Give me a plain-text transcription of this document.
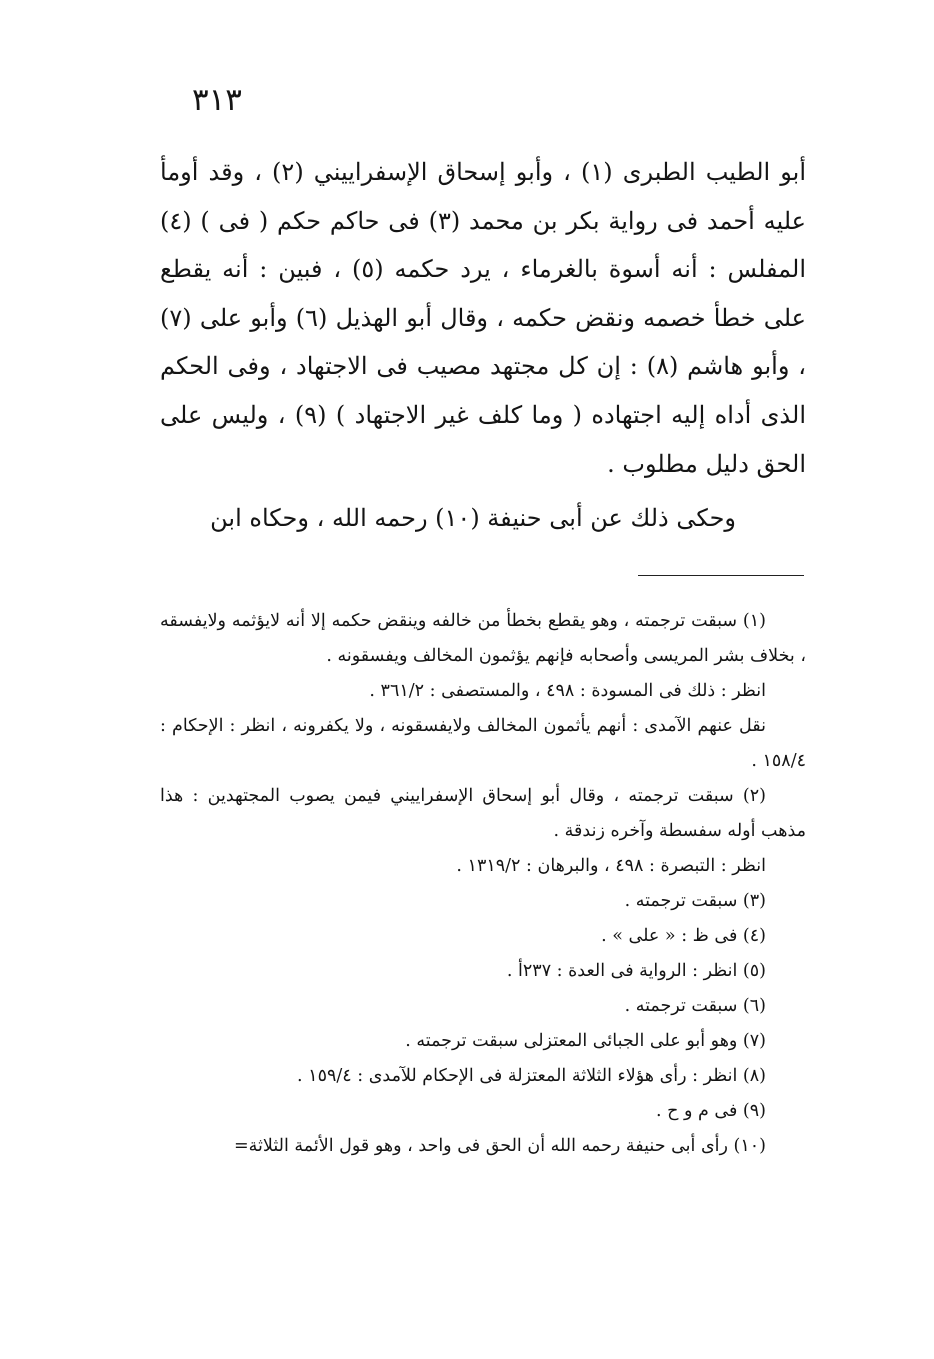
٣١٣

أبو الطيب الطبرى (١) ، وأبو إسحاق الإسفراييني (٢) ، وقد أومأ عليه أحمد فى رواية بكر بن محمد (٣) فى حاكم حكم ( فى ) (٤) المفلس : أنه أسوة بالغرماء ، يرد حكمه (٥) ، فبين : أنه يقطع على خطأ خصمه ونقض حكمه ، وقال أبو الهذيل (٦) وأبو على (٧) ، وأبو هاشم (٨) : إن كل مجتهد مصيب فى الاجتهاد ، وفى الحكم الذى أداه إليه اجتهاده ( وما كلف غير الاجتهاد ) (٩) ، وليس على الحق دليل مطلوب .

وحكى ذلك عن أبى حنيفة (١٠) رحمه الله ، وحكاه ابن

(١) سبقت ترجمته ، وهو يقطع بخطأ من خالفه وينقض حكمه إلا أنه لايؤثمه ولايفسقه ، بخلاف بشر المريسى وأصحابه فإنهم يؤثمون المخالف ويفسقونه .

انظر : ذلك فى المسودة : ٤٩٨ ، والمستصفى : ٣٦١/٢ .

نقل عنهم الآمدى : أنهم يأثمون المخالف ولايفسقونه ، ولا يكفرونه ، انظر : الإحكام : ١٥٨/٤ .

(٢) سبقت ترجمته ، وقال أبو إسحاق الإسفراييني فيمن يصوب المجتهدين : هذا مذهب أوله سفسطة وآخره زندقة .

انظر : التبصرة : ٤٩٨ ، والبرهان : ١٣١٩/٢ .

(٣) سبقت ترجمته .

(٤) فى ظ : « على » .

(٥) انظر : الرواية فى العدة : ٢٣٧أ .

(٦) سبقت ترجمته .

(٧) وهو أبو على الجبائى المعتزلى سبقت ترجمته .

(٨) انظر : رأى هؤلاء الثلاثة المعتزلة فى الإحكام للآمدى : ١٥٩/٤ .

(٩) فى م و ح .

(١٠) رأى أبى حنيفة رحمه الله أن الحق فى واحد ، وهو قول الأئمة الثلاثة=
